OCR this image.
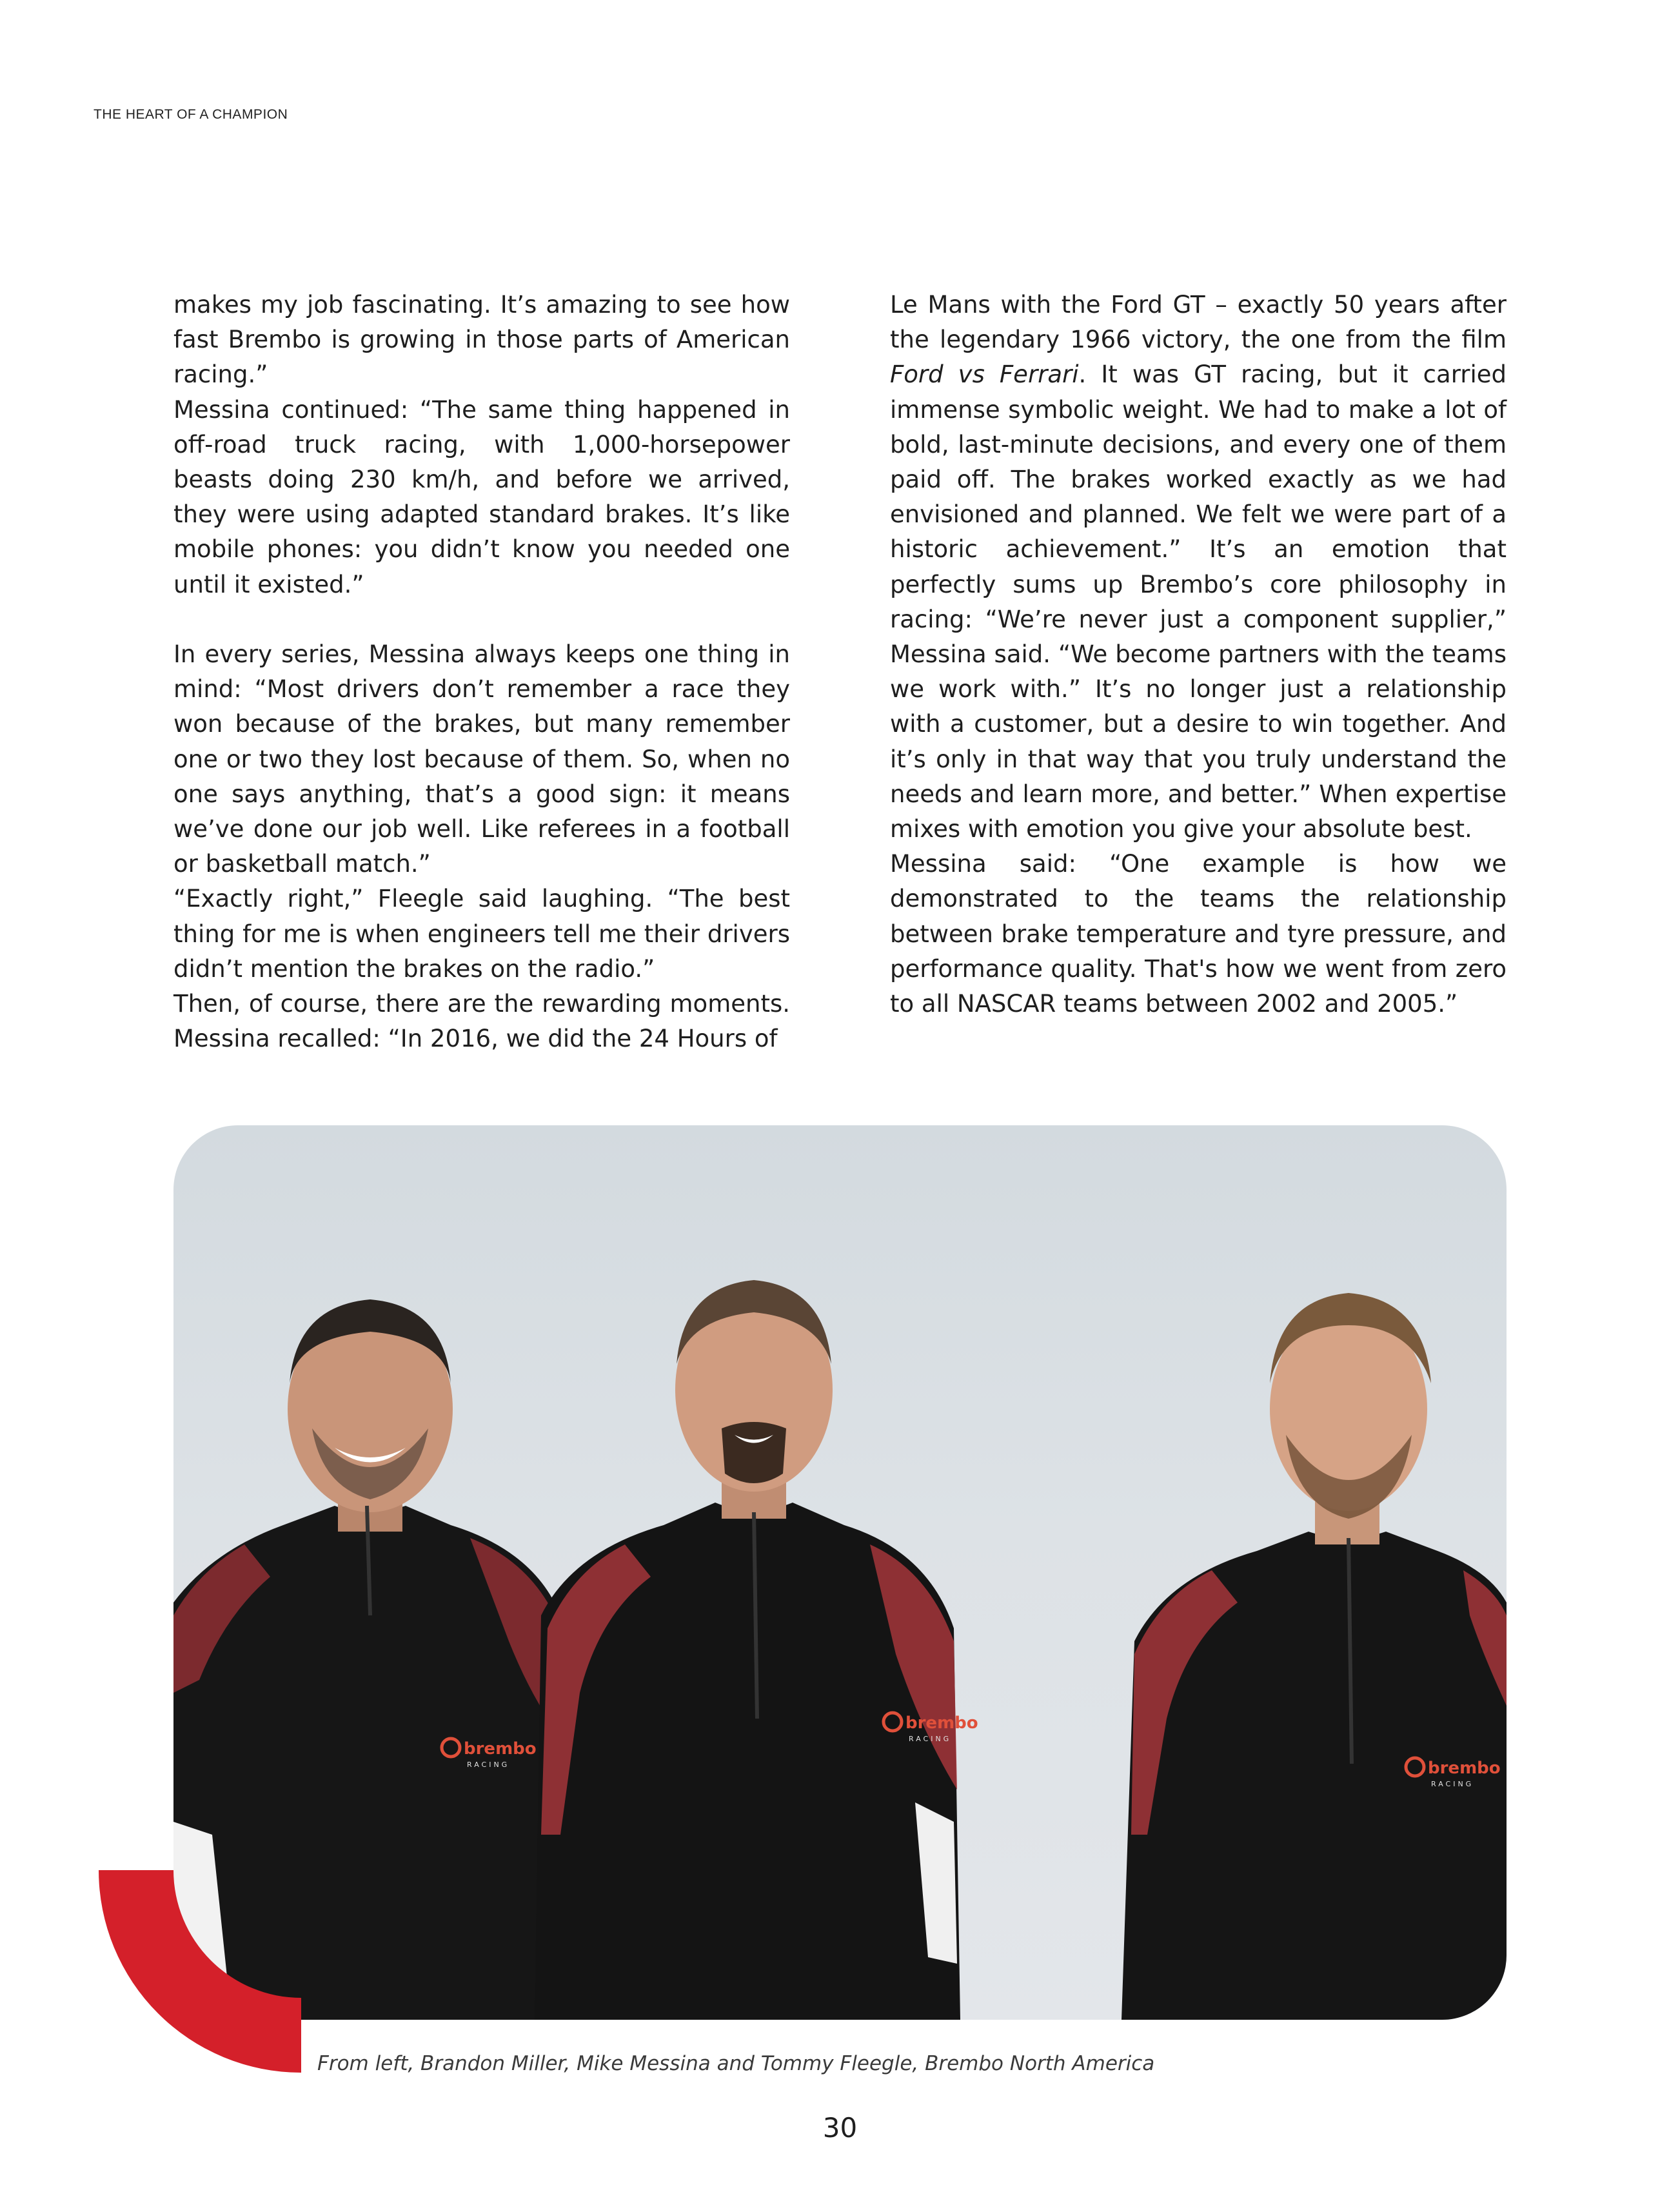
THE HEART OF A CHAMPION

makes my job fascinating. It’s amazing to see how fast Brembo is growing in those parts of American racing.”

Messina continued: “The same thing happened in off-road truck racing, with 1,000-horsepower beasts doing 230 km/h, and before we arrived, they were using adapted standard brakes. It’s like mobile phones: you didn’t know you needed one until it existed.”

In every series, Messina always keeps one thing in mind: “Most drivers don’t remember a race they won because of the brakes, but many remember one or two they lost because of them. So, when no one says anything, that’s a good sign: it means we’ve done our job well. Like referees in a football or basketball match.”

“Exactly right,” Fleegle said laughing. “The best thing for me is when engineers tell me their drivers didn’t mention the brakes on the radio.”

Then, of course, there are the rewarding moments. Messina recalled: “In 2016, we did the 24 Hours of

Le Mans with the Ford GT – exactly 50 years after the legendary 1966 victory, the one from the film Ford vs Ferrari. It was GT racing, but it carried immense symbolic weight. We had to make a lot of bold, last-minute decisions, and every one of them paid off. The brakes worked exactly as we had envisioned and planned. We felt we were part of a historic achievement.” It’s an emotion that perfectly sums up Brembo’s core philosophy in racing: “We’re never just a component supplier,” Messina said. “We become partners with the teams we work with.” It’s no longer just a relationship with a customer, but a desire to win together. And it’s only in that way that you truly understand the needs and learn more, and better.” When expertise mixes with emotion you give your absolute best.

Messina said: “One example is how we demonstrated to the teams the relationship between brake temperature and tyre pressure, and performance quality. That's how we went from zero to all NASCAR teams between 2002 and 2005.”

brembo
RACING
brembo
RACING
brembo
RACING
From left, Brandon Miller, Mike Messina and Tommy Fleegle, Brembo North America
30
